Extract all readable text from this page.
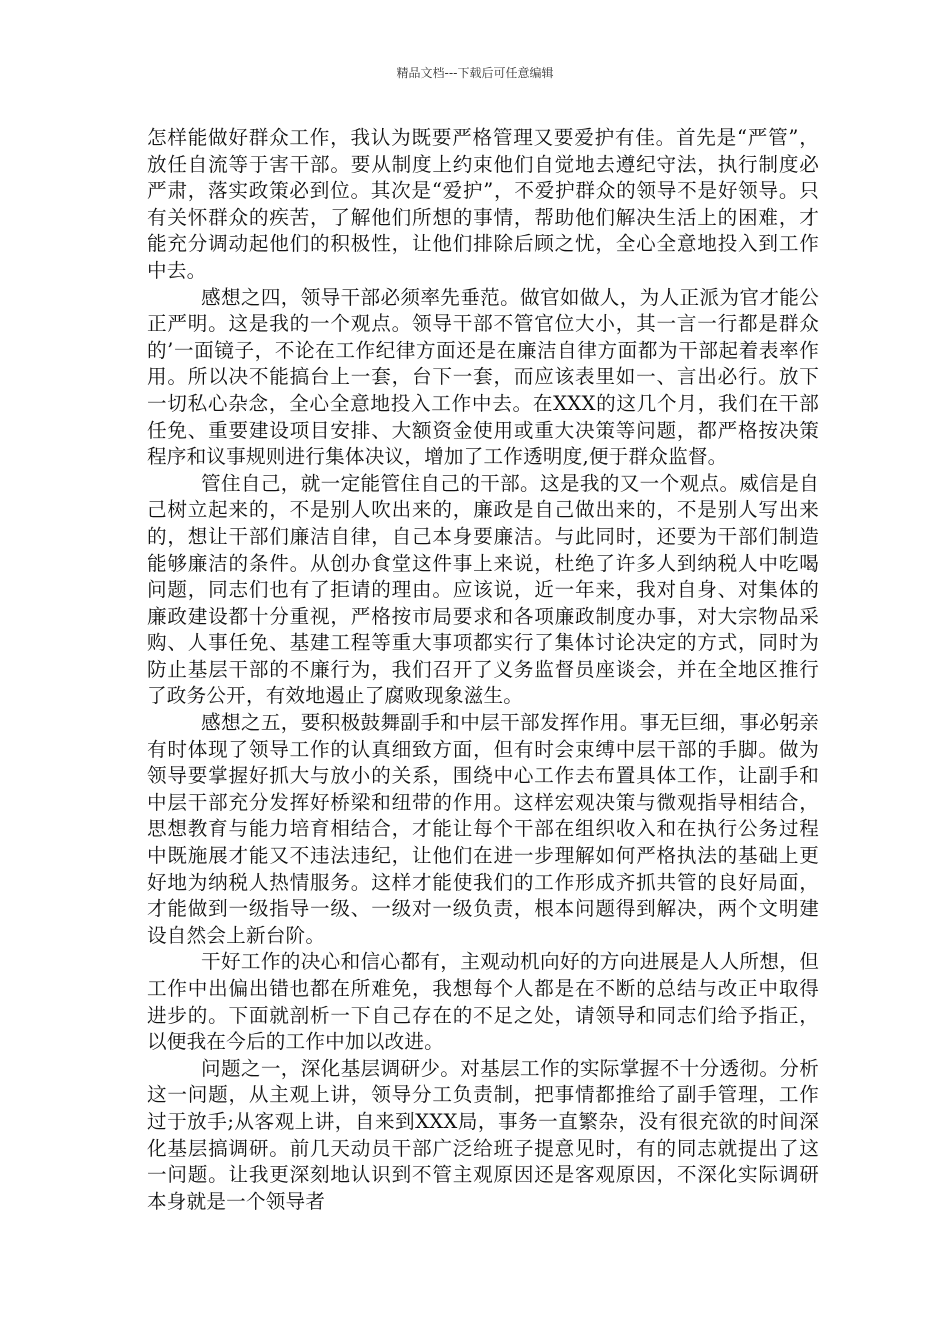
精品文档---下载后可任意编辑

怎样能做好群众工作，我认为既要严格管理又要爱护有佳。首先是“严管”，放任自流等于害干部。要从制度上约束他们自觉地去遵纪守法，执行制度必严肃，落实政策必到位。其次是“爱护”，不爱护群众的领导不是好领导。只有关怀群众的疾苦，了解他们所想的事情，帮助他们解决生活上的困难，才能充分调动起他们的积极性，让他们排除后顾之忧，全心全意地投入到工作中去。

感想之四，领导干部必须率先垂范。做官如做人，为人正派为官才能公正严明。这是我的一个观点。领导干部不管官位大小，其一言一行都是群众的’一面镜子，不论在工作纪律方面还是在廉洁自律方面都为干部起着表率作用。所以决不能搞台上一套，台下一套，而应该表里如一、言出必行。放下一切私心杂念，全心全意地投入工作中去。在XXX的这几个月，我们在干部任免、重要建设项目安排、大额资金使用或重大决策等问题，都严格按决策程序和议事规则进行集体决议，增加了工作透明度,便于群众监督。

管住自己，就一定能管住自己的干部。这是我的又一个观点。威信是自己树立起来的，不是别人吹出来的，廉政是自己做出来的，不是别人写出来的，想让干部们廉洁自律，自己本身要廉洁。与此同时，还要为干部们制造能够廉洁的条件。从创办食堂这件事上来说，杜绝了许多人到纳税人中吃喝问题，同志们也有了拒请的理由。应该说，近一年来，我对自身、对集体的廉政建设都十分重视，严格按市局要求和各项廉政制度办事，对大宗物品采购、人事任免、基建工程等重大事项都实行了集体讨论决定的方式，同时为防止基层干部的不廉行为，我们召开了义务监督员座谈会，并在全地区推行了政务公开，有效地遏止了腐败现象滋生。

感想之五，要积极鼓舞副手和中层干部发挥作用。事无巨细，事必躬亲有时体现了领导工作的认真细致方面，但有时会束缚中层干部的手脚。做为领导要掌握好抓大与放小的关系，围绕中心工作去布置具体工作，让副手和中层干部充分发挥好桥梁和纽带的作用。这样宏观决策与微观指导相结合，思想教育与能力培育相结合，才能让每个干部在组织收入和在执行公务过程中既施展才能又不违法违纪，让他们在进一步理解如何严格执法的基础上更好地为纳税人热情服务。这样才能使我们的工作形成齐抓共管的良好局面，才能做到一级指导一级、一级对一级负责，根本问题得到解决，两个文明建设自然会上新台阶。

干好工作的决心和信心都有，主观动机向好的方向进展是人人所想，但工作中出偏出错也都在所难免，我想每个人都是在不断的总结与改正中取得进步的。下面就剖析一下自己存在的不足之处，请领导和同志们给予指正，以便我在今后的工作中加以改进。

问题之一，深化基层调研少。对基层工作的实际掌握不十分透彻。分析这一问题，从主观上讲，领导分工负责制，把事情都推给了副手管理，工作过于放手;从客观上讲，自来到XXX局，事务一直繁杂，没有很充欲的时间深化基层搞调研。前几天动员干部广泛给班子提意见时，有的同志就提出了这一问题。让我更深刻地认识到不管主观原因还是客观原因，不深化实际调研本身就是一个领导者
